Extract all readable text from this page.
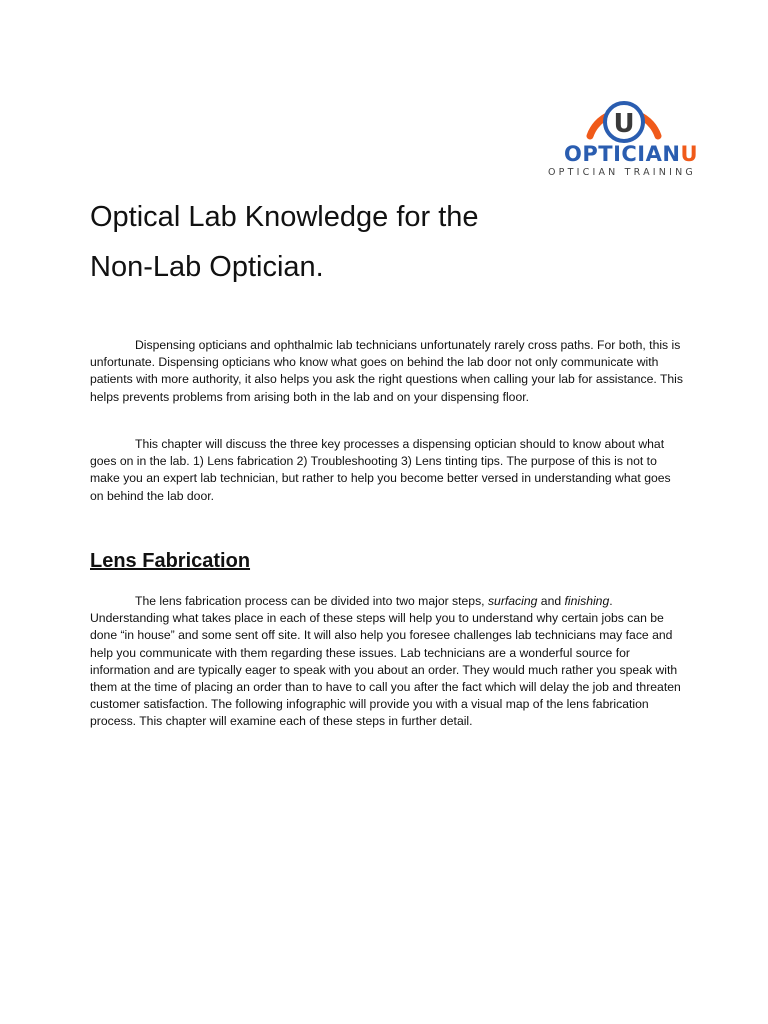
U
OPTICIANU
OPTICIAN TRAINING
Optical Lab Knowledge for the
Non-Lab Optician.

Dispensing opticians and ophthalmic lab technicians unfortunately rarely cross paths. For both, this is unfortunate. Dispensing opticians who know what goes on behind the lab door not only communicate with patients with more authority, it also helps you ask the right questions when calling your lab for assistance. This helps prevents problems from arising both in the lab and on your dispensing floor.

This chapter will discuss the three key processes a dispensing optician should to know about what goes on in the lab. 1) Lens fabrication 2) Troubleshooting 3) Lens tinting tips. The purpose of this is not to make you an expert lab technician, but rather to help you become better versed in understanding what goes on behind the lab door.

Lens Fabrication

The lens fabrication process can be divided into two major steps, surfacing and finishing. Understanding what takes place in each of these steps will help you to understand why certain jobs can be done “in house” and some sent off site. It will also help you foresee challenges lab technicians may face and help you communicate with them regarding these issues. Lab technicians are a wonderful source for information and are typically eager to speak with you about an order. They would much rather you speak with them at the time of placing an order than to have to call you after the fact which will delay the job and threaten customer satisfaction. The following infographic will provide you with a visual map of the lens fabrication process. This chapter will examine each of these steps in further detail.
